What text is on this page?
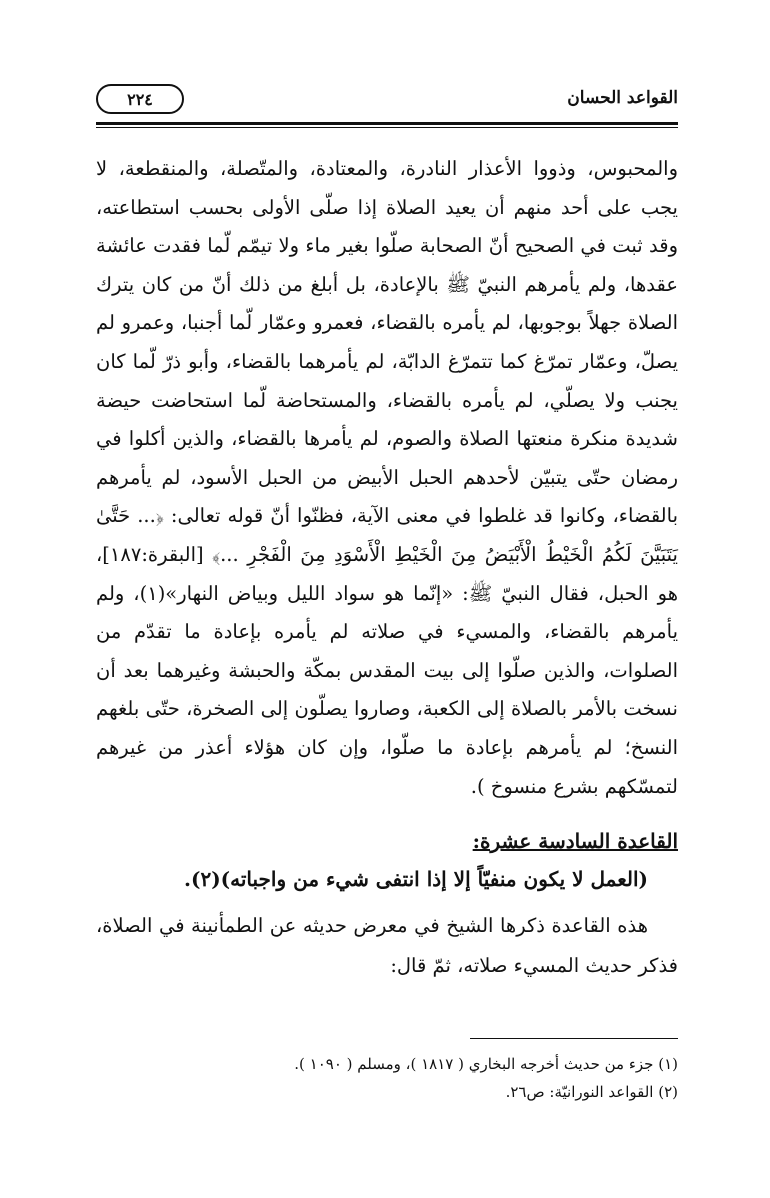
القواعد الحسان
٢٢٤

والمحبوس، وذووا الأعذار النادرة، والمعتادة، والمتّصلة، والمنقطعة، لا يجب على أحد منهم أن يعيد الصلاة إذا صلّى الأولى بحسب استطاعته، وقد ثبت في الصحيح أنّ الصحابة صلّوا بغير ماء ولا تيمّم لّما فقدت عائشة عقدها، ولم يأمرهم النبيّ ﷺ بالإعادة، بل أبلغ من ذلك أنّ من كان يترك الصلاة جهلاً بوجوبها، لم يأمره بالقضاء، فعمرو وعمّار لّما أجنبا، وعمرو لم يصلّ، وعمّار تمرّغ كما تتمرّغ الدابّة، لم يأمرهما بالقضاء، وأبو ذرّ لّما كان يجنب ولا يصلّي، لم يأمره بالقضاء، والمستحاضة لّما استحاضت حيضة شديدة منكرة منعتها الصلاة والصوم، لم يأمرها بالقضاء، والذين أكلوا في رمضان حتّى يتبيّن لأحدهم الحبل الأبيض من الحبل الأسود، لم يأمرهم بالقضاء، وكانوا قد غلطوا في معنى الآية، فظنّوا أنّ قوله تعالى: ﴿... حَتَّىٰ يَتَبَيَّنَ لَكُمُ الْخَيْطُ الْأَبْيَضُ مِنَ الْخَيْطِ الْأَسْوَدِ مِنَ الْفَجْرِ ...﴾ [البقرة:١٨٧]، هو الحبل، فقال النبيّ ﷺ: «إنّما هو سواد الليل وبياض النهار»(١)، ولم يأمرهم بالقضاء، والمسيء في صلاته لم يأمره بإعادة ما تقدّم من الصلوات، والذين صلّوا إلى بيت المقدس بمكّة والحبشة وغيرهما بعد أن نسخت بالأمر بالصلاة إلى الكعبة، وصاروا يصلّون إلى الصخرة، حتّى بلغهم النسخ؛ لم يأمرهم بإعادة ما صلّوا، وإن كان هؤلاء أعذر من غيرهم لتمسّكهم بشرع منسوخ ).

القاعدة السادسة عشرة:
(العمل لا يكون منفيّاً إلا إذا انتفى شيء من واجباته)(٢).

هذه القاعدة ذكرها الشيخ في معرض حديثه عن الطمأنينة في الصلاة، فذكر حديث المسيء صلاته، ثمّ قال:

(١) جزء من حديث أخرجه البخاري ( ١٨١٧ )، ومسلم ( ١٠٩٠ ).
(٢) القواعد النورانيّة: ص٢٦.
